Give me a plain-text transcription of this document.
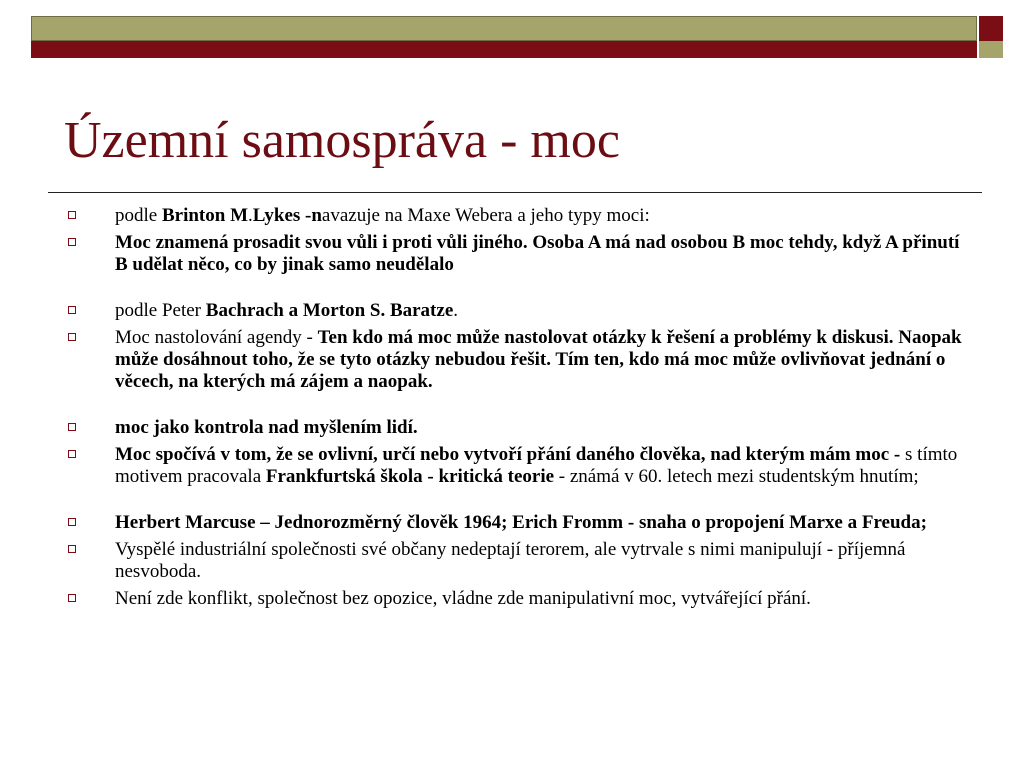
Územní samospráva - moc
podle Brinton M.Lykes -navazuje na Maxe Webera a jeho typy moci:
Moc znamená prosadit svou vůli i proti vůli jiného. Osoba A má nad osobou B moc tehdy, když A přinutí B udělat něco, co by jinak samo neudělalo
podle Peter Bachrach a Morton S. Baratze.
Moc nastolování agendy - Ten kdo má moc může nastolovat otázky k řešení a problémy k diskusi. Naopak může dosáhnout toho, že se tyto otázky nebudou řešit. Tím ten, kdo má moc může ovlivňovat jednání o věcech, na kterých má zájem a naopak.
moc jako kontrola nad myšlením lidí.
Moc spočívá v tom, že se ovlivní, určí nebo vytvoří přání daného člověka, nad kterým mám moc - s tímto motivem pracovala Frankfurtská škola - kritická teorie - známá v 60. letech mezi studentským hnutím;
Herbert Marcuse – Jednorozměrný člověk 1964; Erich Fromm - snaha o propojení Marxe a Freuda;
Vyspělé industriální společnosti své občany nedeptají terorem, ale vytrvale s nimi manipulují - příjemná nesvoboda.
Není zde konflikt, společnost bez opozice, vládne zde manipulativní moc, vytvářející přání.
